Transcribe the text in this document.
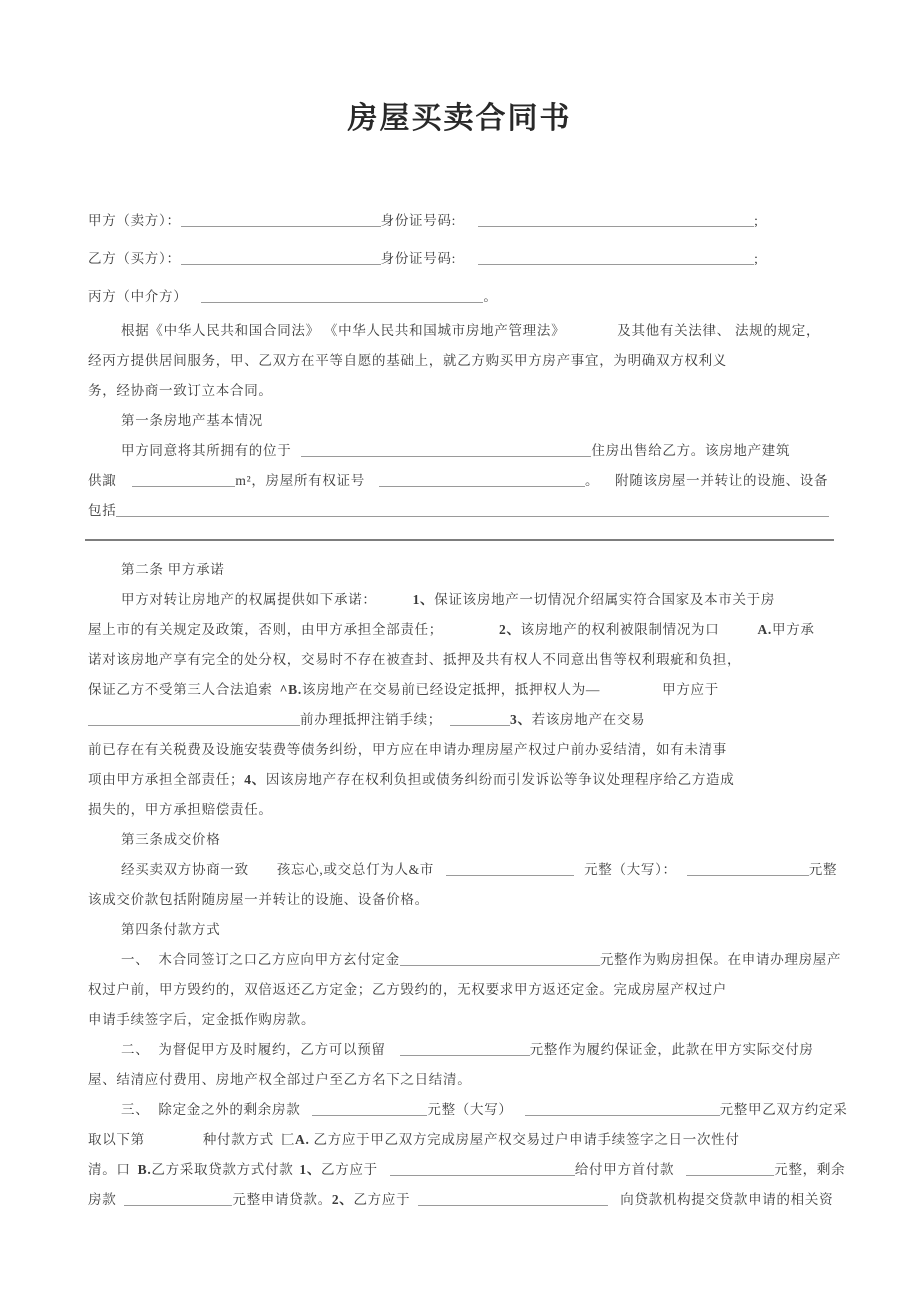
房屋买卖合同书

甲方（卖方）：	身份证号码:	;

乙方（买方）：	身份证号码:	;

丙方（中介方）	。

根据《中华人民共和国合同法》 《中华人民共和国城市房地产管理法》	及其他有关法律、 法规的规定，

经丙方提供居间服务，甲、乙双方在平等自愿的基础上，就乙方购买甲方房产事宜，为明确双方权利义

务，经协商一致订立本合同。

第一条房地产基本情况

甲方同意将其所拥有的位于	住房出售给乙方。该房地产建筑

供諏	m²，房屋所有权证号	。 附随该房屋一并转让的设施、设备

包括

第二条 甲方承诺

甲方对转让房地产的权属提供如下承诺：	1、保证该房地产一切情况介绍属实符合国家及本市关于房

屋上市的有关规定及政策，否则，由甲方承担全部责任；	2、该房地产的权利被限制情况为口	A.甲方承

诺对该房地产享有完全的处分权，交易时不存在被查封、抵押及共有权人不同意出售等权利瑕疵和负担，

保证乙方不受第三人合法追索 ^B.该房地产在交易前已经设定抵押，抵押权人为—	甲方应于

前办理抵押注销手续；	3、若该房地产在交易

前已存在有关税费及设施安装费等债务纠纷，甲方应在申请办理房屋产权过户前办妥结清，如有未清事

项由甲方承担全部责任；4、因该房地产存在权利负担或债务纠纷而引发诉讼等争议处理程序给乙方造成

损失的，甲方承担赔偿责任。

第三条成交价格

经买卖双方协商一致 孩忘心,或交总仃为人&市	元整（大写）：	元整

该成交价款包括附随房屋一并转让的设施、设备价格。

第四条付款方式

一、 木合同签订之口乙方应向甲方玄付定金	元整作为购房担保。在申请办理房屋产

权过户前，甲方毁约的，双倍返还乙方定金；乙方毁约的，无权要求甲方返还定金。完成房屋产权过户

申请手续签字后，定金抵作购房款。

二、 为督促甲方及时履约，乙方可以预留	元整作为履约保证金，此款在甲方实际交付房

屋、结清应付费用、房地产权全部过户至乙方名下之日结清。

三、 除定金之外的剩余房款	元整（大写）	元整甲乙双方约定采

取以下第	种付款方式 匚A. 乙方应于甲乙双方完成房屋产权交易过户申请手续签字之日一次性付

清。口 B.乙方采取贷款方式付款 1、乙方应于	给付甲方首付款	元整，剩余

房款	元整申请贷款。2、乙方应于	向贷款机构提交贷款申请的相关资
